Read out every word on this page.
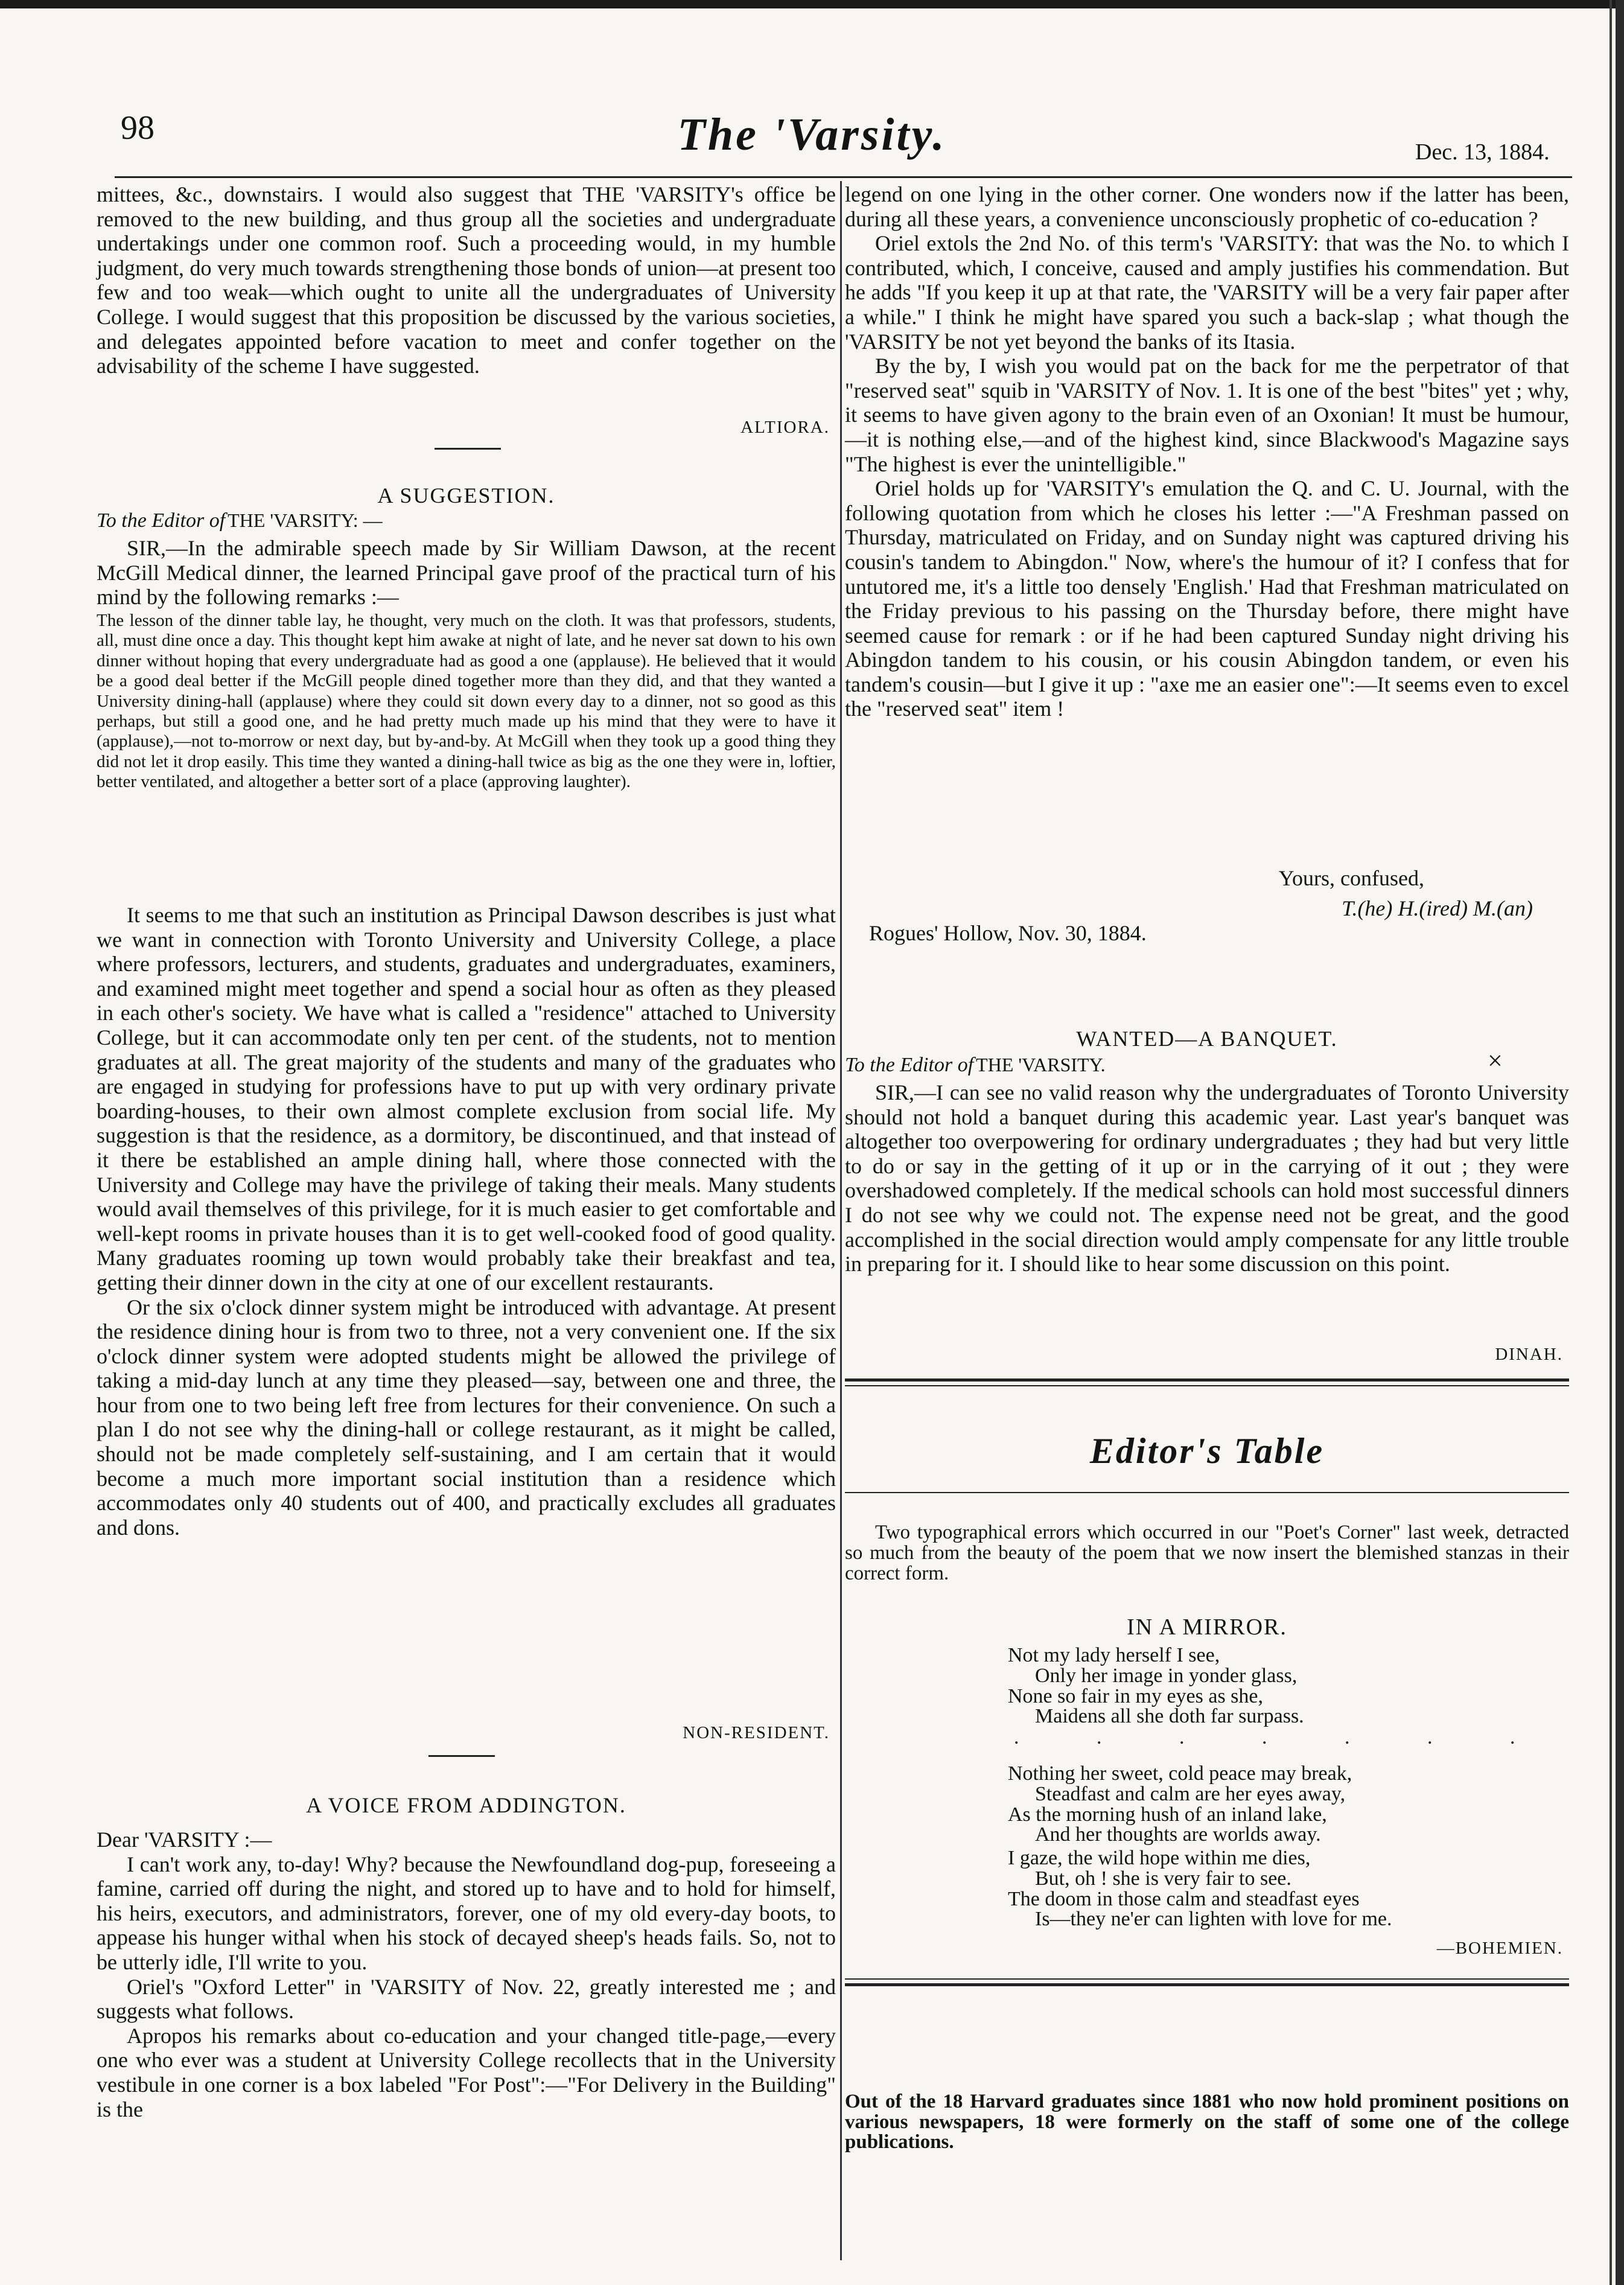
98	The 'Varsity.	Dec. 13, 1884.

mittees, &c., downstairs. I would also suggest that THE 'VARSITY's office be removed to the new building, and thus group all the societies and undergraduate undertakings under one common roof. Such a proceeding would, in my humble judgment, do very much towards strengthening those bonds of union—at present too few and too weak—which ought to unite all the undergraduates of University College. I would suggest that this proposition be discussed by the various societies, and delegates appointed before vacation to meet and confer together on the advisability of the scheme I have suggested.

ALTIORA.
A SUGGESTION.
To the Editor of THE 'VARSITY: —

SIR,—In the admirable speech made by Sir William Dawson, at the recent McGill Medical dinner, the learned Principal gave proof of the practical turn of his mind by the following remarks :—

The lesson of the dinner table lay, he thought, very much on the cloth. It was that professors, students, all, must dine once a day. This thought kept him awake at night of late, and he never sat down to his own dinner without hoping that every undergraduate had as good a one (applause). He believed that it would be a good deal better if the McGill people dined together more than they did, and that they wanted a University dining-hall (applause) where they could sit down every day to a dinner, not so good as this perhaps, but still a good one, and he had pretty much made up his mind that they were to have it (applause),—not to-morrow or next day, but by-and-by. At McGill when they took up a good thing they did not let it drop easily. This time they wanted a dining-hall twice as big as the one they were in, loftier, better ventilated, and altogether a better sort of a place (approving laughter).

It seems to me that such an institution as Principal Dawson describes is just what we want in connection with Toronto University and University College, a place where professors, lecturers, and students, graduates and undergraduates, examiners, and examined might meet together and spend a social hour as often as they pleased in each other's society. We have what is called a "residence" attached to University College, but it can accommodate only ten per cent. of the students, not to mention graduates at all. The great majority of the students and many of the graduates who are engaged in studying for professions have to put up with very ordinary private boarding-houses, to their own almost complete exclusion from social life. My suggestion is that the residence, as a dormitory, be discontinued, and that instead of it there be established an ample dining hall, where those connected with the University and College may have the privilege of taking their meals. Many students would avail themselves of this privilege, for it is much easier to get comfortable and well-kept rooms in private houses than it is to get well-cooked food of good quality. Many graduates rooming up town would probably take their breakfast and tea, getting their dinner down in the city at one of our excellent restaurants.

Or the six o'clock dinner system might be introduced with advantage. At present the residence dining hour is from two to three, not a very convenient one. If the six o'clock dinner system were adopted students might be allowed the privilege of taking a mid-day lunch at any time they pleased—say, between one and three, the hour from one to two being left free from lectures for their convenience. On such a plan I do not see why the dining-hall or college restaurant, as it might be called, should not be made completely self-sustaining, and I am certain that it would become a much more important social institution than a residence which accommodates only 40 students out of 400, and practically excludes all graduates and dons.

NON-RESIDENT.
A VOICE FROM ADDINGTON.

Dear 'VARSITY :—

I can't work any, to-day! Why? because the Newfoundland dog-pup, foreseeing a famine, carried off during the night, and stored up to have and to hold for himself, his heirs, executors, and administrators, forever, one of my old every-day boots, to appease his hunger withal when his stock of decayed sheep's heads fails. So, not to be utterly idle, I'll write to you.

Oriel's "Oxford Letter" in 'VARSITY of Nov. 22, greatly interested me ; and suggests what follows.

Apropos his remarks about co-education and your changed title-page,—every one who ever was a student at University College recollects that in the University vestibule in one corner is a box labeled "For Post":—"For Delivery in the Building" is the

legend on one lying in the other corner. One wonders now if the latter has been, during all these years, a convenience unconsciously prophetic of co-education ?

Oriel extols the 2nd No. of this term's 'VARSITY: that was the No. to which I contributed, which, I conceive, caused and amply justifies his commendation. But he adds "If you keep it up at that rate, the 'VARSITY will be a very fair paper after a while." I think he might have spared you such a back-slap ; what though the 'VARSITY be not yet beyond the banks of its Itasia.

By the by, I wish you would pat on the back for me the perpetrator of that "reserved seat" squib in 'VARSITY of Nov. 1. It is one of the best "bites" yet ; why, it seems to have given agony to the brain even of an Oxonian! It must be humour,—it is nothing else,—and of the highest kind, since Blackwood's Magazine says "The highest is ever the unintelligible."

Oriel holds up for 'VARSITY's emulation the Q. and C. U. Journal, with the following quotation from which he closes his letter :—"A Freshman passed on Thursday, matriculated on Friday, and on Sunday night was captured driving his cousin's tandem to Abingdon." Now, where's the humour of it? I confess that for untutored me, it's a little too densely 'English.' Had that Freshman matriculated on the Friday previous to his passing on the Thursday before, there might have seemed cause for remark : or if he had been captured Sunday night driving his Abingdon tandem to his cousin, or his cousin Abingdon tandem, or even his tandem's cousin—but I give it up : "axe me an easier one":—It seems even to excel the "reserved seat" item !

Yours, confused,
T.(he) H.(ired) M.(an)
Rogues' Hollow, Nov. 30, 1884.
WANTED—A BANQUET.
To the Editor of THE 'VARSITY.	×

SIR,—I can see no valid reason why the undergraduates of Toronto University should not hold a banquet during this academic year. Last year's banquet was altogether too overpowering for ordinary undergraduates ; they had but very little to do or say in the getting of it up or in the carrying of it out ; they were overshadowed completely. If the medical schools can hold most successful dinners I do not see why we could not. The expense need not be great, and the good accomplished in the social direction would amply compensate for any little trouble in preparing for it. I should like to hear some discussion on this point.

DINAH.
Editor's Table

Two typographical errors which occurred in our "Poet's Corner" last week, detracted so much from the beauty of the poem that we now insert the blemished stanzas in their correct form.

IN A MIRROR.
Not my lady herself I see,
Only her image in yonder glass,
None so fair in my eyes as she,
Maidens all she doth far surpass.
. . . . . . .
Nothing her sweet, cold peace may break,
Steadfast and calm are her eyes away,
As the morning hush of an inland lake,
And her thoughts are worlds away.
I gaze, the wild hope within me dies,
But, oh ! she is very fair to see.
The doom in those calm and steadfast eyes
Is—they ne'er can lighten with love for me.
—BOHEMIEN.

Out of the 18 Harvard graduates since 1881 who now hold prominent positions on various newspapers, 18 were formerly on the staff of some one of the college publications.
